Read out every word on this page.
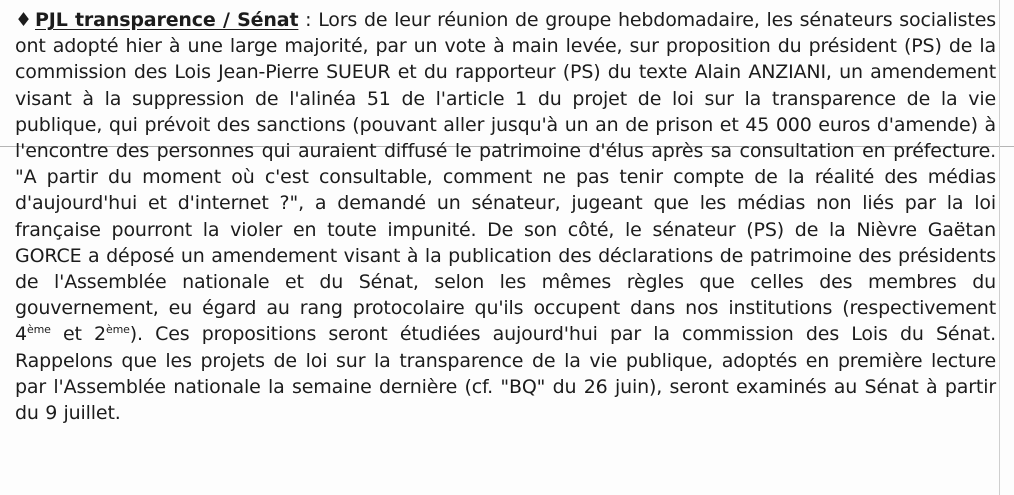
♦ PJL transparence / Sénat : Lors de leur réunion de groupe hebdomadaire, les sénateurs socialistes ont adopté hier à une large majorité, par un vote à main levée, sur proposition du président (PS) de la commission des Lois Jean-Pierre SUEUR et du rapporteur (PS) du texte Alain ANZIANI, un amendement visant à la suppression de l'alinéa 51 de l'article 1 du projet de loi sur la transparence de la vie publique, qui prévoit des sanctions (pouvant aller jusqu'à un an de prison et 45 000 euros d'amende) à l'encontre des personnes qui auraient diffusé le patrimoine d'élus après sa consultation en préfecture. "A partir du moment où c'est consultable, comment ne pas tenir compte de la réalité des médias d'aujourd'hui et d'internet ?", a demandé un sénateur, jugeant que les médias non liés par la loi française pourront la violer en toute impunité. De son côté, le sénateur (PS) de la Nièvre Gaëtan GORCE a déposé un amendement visant à la publication des déclarations de patrimoine des présidents de l'Assemblée nationale et du Sénat, selon les mêmes règles que celles des membres du gouvernement, eu égard au rang protocolaire qu'ils occupent dans nos institutions (respectivement 4ème et 2ème). Ces propositions seront étudiées aujourd'hui par la commission des Lois du Sénat. Rappelons que les projets de loi sur la transparence de la vie publique, adoptés en première lecture par l'Assemblée nationale la semaine dernière (cf. "BQ" du 26 juin), seront examinés au Sénat à partir du 9 juillet.
